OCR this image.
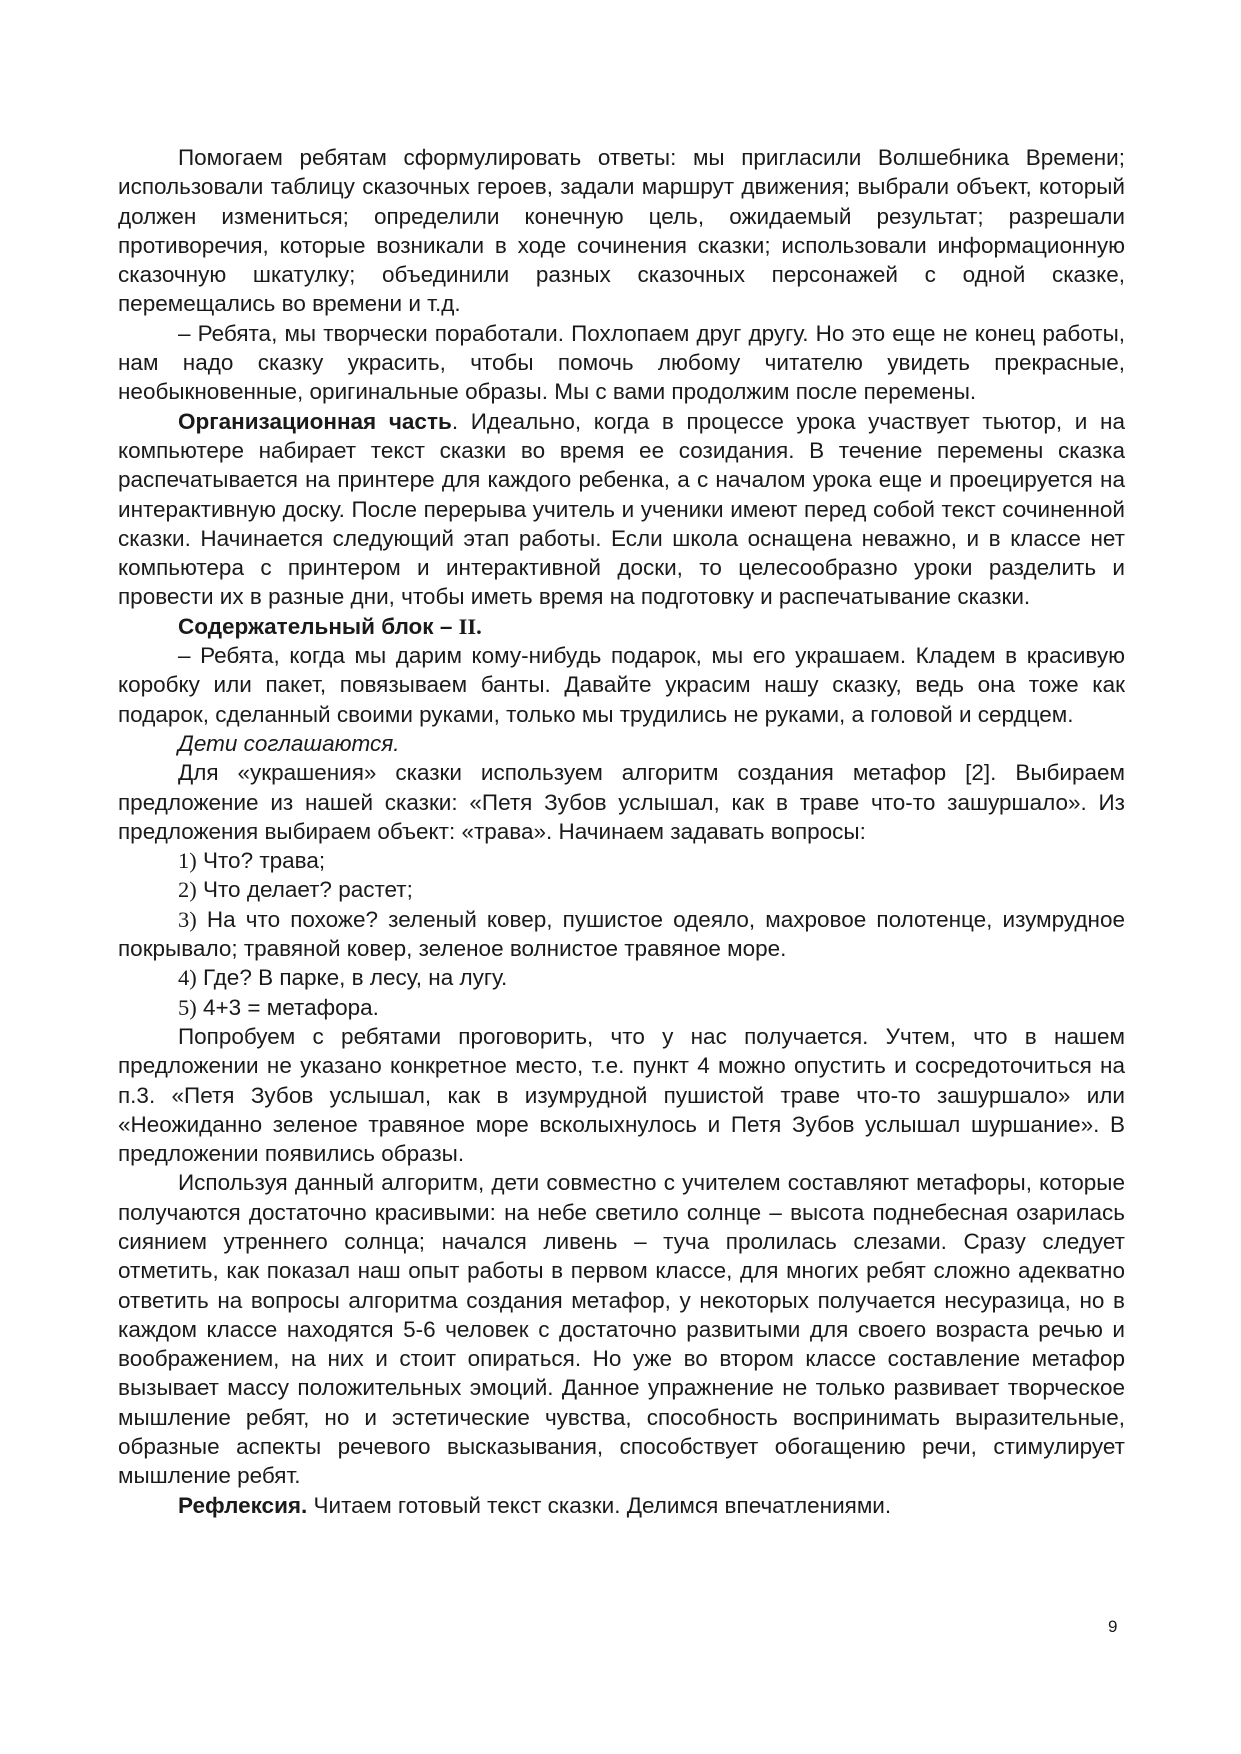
Помогаем ребятам сформулировать ответы: мы пригласили Волшебника Времени; использовали таблицу сказочных героев, задали маршрут движения; выбрали объект, который должен измениться; определили конечную цель, ожидаемый результат; разрешали противоречия, которые возникали в ходе сочинения сказки; использовали информационную сказочную шкатулку; объединили разных сказочных персонажей с одной сказке, перемещались во времени и т.д.

– Ребята, мы творчески поработали. Похлопаем друг другу. Но это еще не конец работы, нам надо сказку украсить, чтобы помочь любому читателю увидеть прекрасные, необыкновенные, оригинальные образы. Мы с вами продолжим после перемены.

Организационная часть. Идеально, когда в процессе урока участвует тьютор, и на компьютере набирает текст сказки во время ее созидания. В течение перемены сказка распечатывается на принтере для каждого ребенка, а с началом урока еще и проецируется на интерактивную доску. После перерыва учитель и ученики имеют перед собой текст сочиненной сказки. Начинается следующий этап работы. Если школа оснащена неважно, и в классе нет компьютера с принтером и интерактивной доски, то целесообразно уроки разделить и провести их в разные дни, чтобы иметь время на подготовку и распечатывание сказки.

Содержательный блок – II.

– Ребята, когда мы дарим кому-нибудь подарок, мы его украшаем. Кладем в красивую коробку или пакет, повязываем банты. Давайте украсим нашу сказку, ведь она тоже как подарок, сделанный своими руками, только мы трудились не руками, а головой и сердцем.

Дети соглашаются.

Для «украшения» сказки используем алгоритм создания метафор [2]. Выбираем предложение из нашей сказки: «Петя Зубов услышал, как в траве что-то зашуршало». Из предложения выбираем объект: «трава». Начинаем задавать вопросы:

1) Что? трава;

2) Что делает? растет;

3) На что похоже? зеленый ковер, пушистое одеяло, махровое полотенце, изумрудное покрывало; травяной ковер, зеленое волнистое травяное море.

4) Где? В парке, в лесу, на лугу.

5) 4+3 = метафора.

Попробуем с ребятами проговорить, что у нас получается. Учтем, что в нашем предложении не указано конкретное место, т.е. пункт 4 можно опустить и сосредоточиться на п.3. «Петя Зубов услышал, как в изумрудной пушистой траве что-то зашуршало» или «Неожиданно зеленое травяное море всколыхнулось и Петя Зубов услышал шуршание». В предложении появились образы.

Используя данный алгоритм, дети совместно с учителем составляют метафоры, которые получаются достаточно красивыми: на небе светило солнце – высота поднебесная озарилась сиянием утреннего солнца; начался ливень – туча пролилась слезами. Сразу следует отметить, как показал наш опыт работы в первом классе, для многих ребят сложно адекватно ответить на вопросы алгоритма создания метафор, у некоторых получается несуразица, но в каждом классе находятся 5-6 человек с достаточно развитыми для своего возраста речью и воображением, на них и стоит опираться. Но уже во втором классе составление метафор вызывает массу положительных эмоций. Данное упражнение не только развивает творческое мышление ребят, но и эстетические чувства, способность воспринимать выразительные, образные аспекты речевого высказывания, способствует обогащению речи, стимулирует мышление ребят.

Рефлексия. Читаем готовый текст сказки. Делимся впечатлениями.

9
